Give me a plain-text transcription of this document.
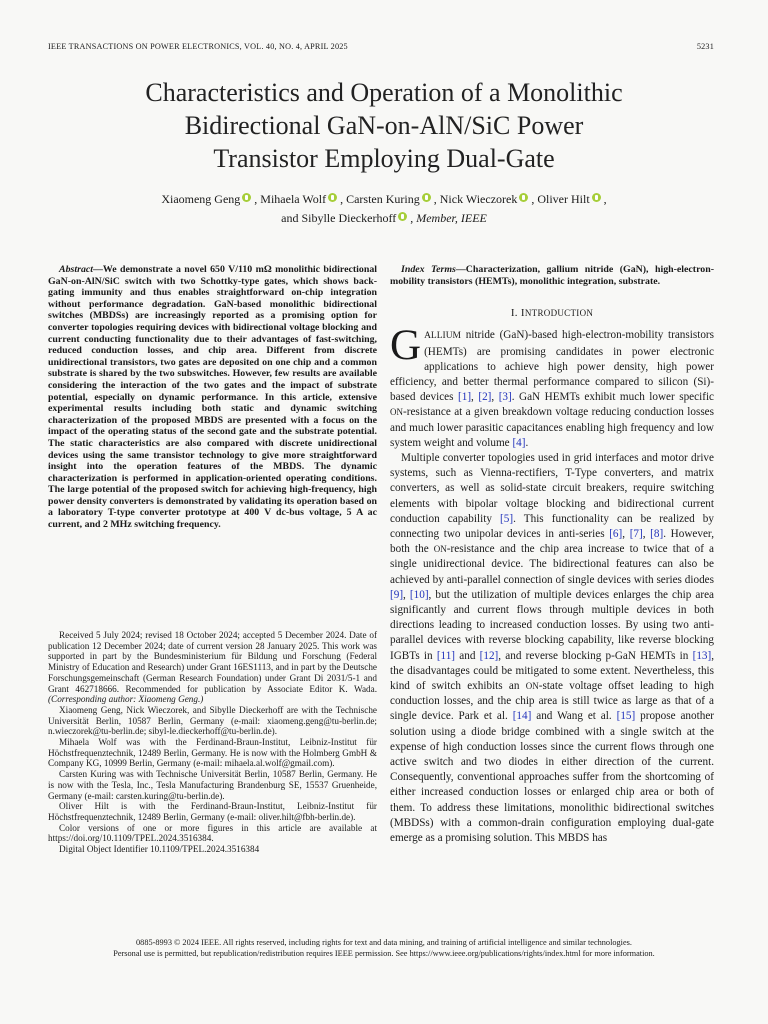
IEEE TRANSACTIONS ON POWER ELECTRONICS, VOL. 40, NO. 4, APRIL 2025	5231
Characteristics and Operation of a Monolithic
Bidirectional GaN-on-AlN/SiC Power
Transistor Employing Dual-Gate
Xiaomeng Geng , Mihaela Wolf , Carsten Kuring , Nick Wieczorek , Oliver Hilt ,
and Sibylle Dieckerhoff , Member, IEEE

Abstract—We demonstrate a novel 650 V/110 mΩ monolithic bidirectional GaN-on-AlN/SiC switch with two Schottky-type gates, which shows back-gating immunity and thus enables straightforward on-chip integration without performance degradation. GaN-based monolithic bidirectional switches (MBDSs) are increasingly reported as a promising option for converter topologies requiring devices with bidirectional voltage blocking and current conducting functionality due to their advantages of fast-switching, reduced conduction losses, and chip area. Different from discrete unidirectional transistors, two gates are deposited on one chip and a common substrate is shared by the two subswitches. However, few results are available considering the interaction of the two gates and the impact of substrate potential, especially on dynamic performance. In this article, extensive experimental results including both static and dynamic switching characterization of the proposed MBDS are presented with a focus on the impact of the operating status of the second gate and the substrate potential. The static characteristics are also compared with discrete unidirectional devices using the same transistor technology to give more straightforward insight into the operation features of the MBDS. The dynamic characterization is performed in application-oriented operating conditions. The large potential of the proposed switch for achieving high-frequency, high power density converters is demonstrated by validating its operation based on a laboratory T-type converter prototype at 400 V dc-bus voltage, 5 A ac current, and 2 MHz switching frequency.

Received 5 July 2024; revised 18 October 2024; accepted 5 December 2024. Date of publication 12 December 2024; date of current version 28 January 2025. This work was supported in part by the Bundesministerium für Bildung und Forschung (Federal Ministry of Education and Research) under Grant 16ES1113, and in part by the Deutsche Forschungsgemeinschaft (German Research Foundation) under Grant Di 2031/5-1 and Grant 462718666. Recommended for publication by Associate Editor K. Wada. (Corresponding author: Xiaomeng Geng.)

Xiaomeng Geng, Nick Wieczorek, and Sibylle Dieckerhoff are with the Technische Universität Berlin, 10587 Berlin, Germany (e-mail: xiaomeng.geng@tu-berlin.de; n.wieczorek@tu-berlin.de; sibyl-le.dieckerhoff@tu-berlin.de).

Mihaela Wolf was with the Ferdinand-Braun-Institut, Leibniz-Institut für Höchstfrequenztechnik, 12489 Berlin, Germany. He is now with the Holmberg GmbH & Company KG, 10999 Berlin, Germany (e-mail: mihaela.al.wolf@gmail.com).

Carsten Kuring was with Technische Universität Berlin, 10587 Berlin, Germany. He is now with the Tesla, Inc., Tesla Manufacturing Brandenburg SE, 15537 Gruenheide, Germany (e-mail: carsten.kuring@tu-berlin.de).

Oliver Hilt is with the Ferdinand-Braun-Institut, Leibniz-Institut für Höchstfrequenztechnik, 12489 Berlin, Germany (e-mail: oliver.hilt@fbh-berlin.de).

Color versions of one or more figures in this article are available at https://doi.org/10.1109/TPEL.2024.3516384.

Digital Object Identifier 10.1109/TPEL.2024.3516384

Index Terms—Characterization, gallium nitride (GaN), high-electron-mobility transistors (HEMTs), monolithic integration, substrate.

I. INTRODUCTION

GALLIUM nitride (GaN)-based high-electron-mobility transistors (HEMTs) are promising candidates in power electronic applications to achieve high power density, high power efficiency, and better thermal performance compared to silicon (Si)-based devices [1], [2], [3]. GaN HEMTs exhibit much lower specific ON-resistance at a given breakdown voltage reducing conduction losses and much lower parasitic capacitances enabling high frequency and low system weight and volume [4].

Multiple converter topologies used in grid interfaces and motor drive systems, such as Vienna-rectifiers, T-Type converters, and matrix converters, as well as solid-state circuit breakers, require switching elements with bipolar voltage blocking and bidirectional current conduction capability [5]. This functionality can be realized by connecting two unipolar devices in anti-series [6], [7], [8]. However, both the ON-resistance and the chip area increase to twice that of a single unidirectional device. The bidirectional features can also be achieved by anti-parallel connection of single devices with series diodes [9], [10], but the utilization of multiple devices enlarges the chip area significantly and current flows through multiple devices in both directions leading to increased conduction losses. By using two anti-parallel devices with reverse blocking capability, like reverse blocking IGBTs in [11] and [12], and reverse blocking p-GaN HEMTs in [13], the disadvantages could be mitigated to some extent. Nevertheless, this kind of switch exhibits an ON-state voltage offset leading to high conduction losses, and the chip area is still twice as large as that of a single device. Park et al. [14] and Wang et al. [15] propose another solution using a diode bridge combined with a single switch at the expense of high conduction losses since the current flows through one active switch and two diodes in either direction of the current. Consequently, conventional approaches suffer from the shortcoming of either increased conduction losses or enlarged chip area or both of them. To address these limitations, monolithic bidirectional switches (MBDSs) with a common-drain configuration employing dual-gate emerge as a promising solution. This MBDS has

0885-8993 © 2024 IEEE. All rights reserved, including rights for text and data mining, and training of artificial intelligence and similar technologies.
Personal use is permitted, but republication/redistribution requires IEEE permission. See https://www.ieee.org/publications/rights/index.html for more information.
